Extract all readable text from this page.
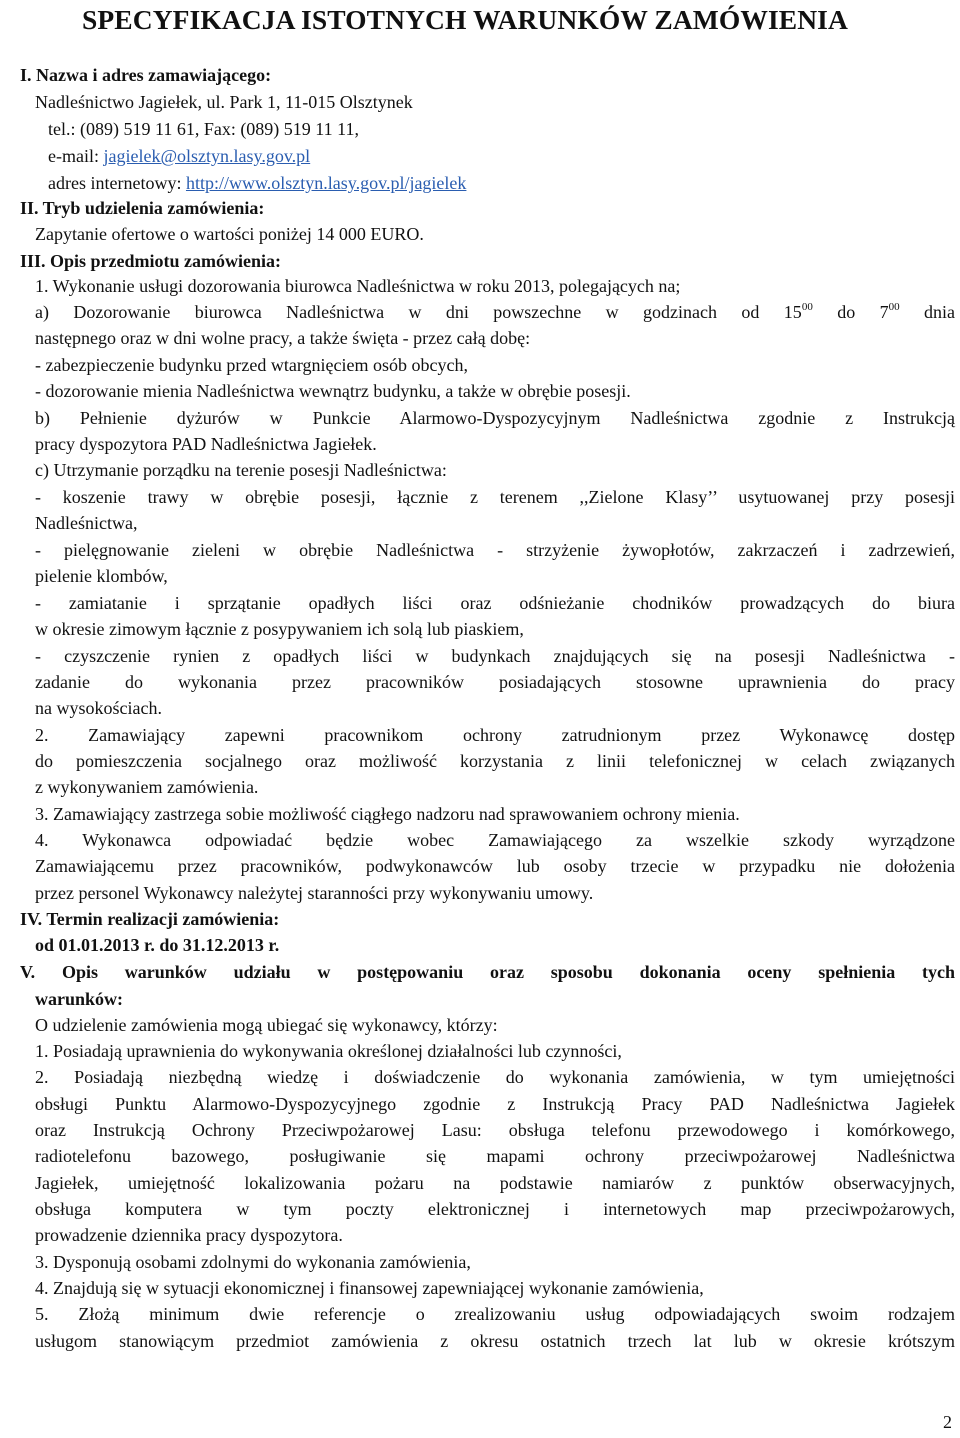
SPECYFIKACJA ISTOTNYCH WARUNKÓW ZAMÓWIENIA
I. Nazwa i adres zamawiającego:
Nadleśnictwo Jagiełek, ul. Park 1, 11-015 Olsztynek
tel.: (089) 519 11 61, Fax: (089) 519 11 11,
e-mail: jagielek@olsztyn.lasy.gov.pl
adres internetowy: http://www.olsztyn.lasy.gov.pl/jagielek
II. Tryb udzielenia zamówienia:
Zapytanie ofertowe o wartości poniżej 14 000 EURO.
III. Opis przedmiotu zamówienia:
1. Wykonanie usługi dozorowania biurowca Nadleśnictwa w roku 2013, polegających na;
a) Dozorowanie biurowca Nadleśnictwa w dni powszechne w godzinach od $15^{00}$ do $7^{00}$ dnia
następnego oraz w dni wolne pracy, a także święta - przez całą dobę:
- zabezpieczenie budynku przed wtargnięciem osób obcych,
- dozorowanie mienia Nadleśnictwa wewnątrz budynku, a także w obrębie posesji.
b) Pełnienie dyżurów w Punkcie Alarmowo-Dyspozycyjnym Nadleśnictwa zgodnie z Instrukcją
pracy dyspozytora PAD Nadleśnictwa Jagiełek.
c) Utrzymanie porządku na terenie posesji Nadleśnictwa:
- koszenie trawy w obrębie posesji, łącznie z terenem ,,Zielone Klasy’’ usytuowanej przy posesji
Nadleśnictwa,
- pielęgnowanie zieleni w obrębie Nadleśnictwa - strzyżenie żywopłotów, zakrzaczeń i zadrzewień,
pielenie klombów,
- zamiatanie i sprzątanie opadłych liści oraz odśnieżanie chodników prowadzących do biura
w okresie zimowym łącznie z posypywaniem ich solą lub piaskiem,
- czyszczenie rynien z opadłych liści w budynkach znajdujących się na posesji Nadleśnictwa -
zadanie do wykonania przez pracowników posiadających stosowne uprawnienia do pracy
na wysokościach.
2. Zamawiający zapewni pracownikom ochrony zatrudnionym przez Wykonawcę dostęp
do pomieszczenia socjalnego oraz możliwość korzystania z linii telefonicznej w celach związanych
z wykonywaniem zamówienia.
3. Zamawiający zastrzega sobie możliwość ciągłego nadzoru nad sprawowaniem ochrony mienia.
4. Wykonawca odpowiadać będzie wobec Zamawiającego za wszelkie szkody wyrządzone
Zamawiającemu przez pracowników, podwykonawców lub osoby trzecie w przypadku nie dołożenia
przez personel Wykonawcy należytej staranności przy wykonywaniu umowy.
IV. Termin realizacji zamówienia:
od 01.01.2013 r. do 31.12.2013 r.
V. Opis warunków udziału w postępowaniu oraz sposobu dokonania oceny spełnienia tych
warunków:
O udzielenie zamówienia mogą ubiegać się wykonawcy, którzy:
1. Posiadają uprawnienia do wykonywania określonej działalności lub czynności,
2. Posiadają niezbędną wiedzę i doświadczenie do wykonania zamówienia, w tym umiejętności
obsługi Punktu Alarmowo-Dyspozycyjnego zgodnie z Instrukcją Pracy PAD Nadleśnictwa Jagiełek
oraz Instrukcją Ochrony Przeciwpożarowej Lasu: obsługa telefonu przewodowego i komórkowego,
radiotelefonu bazowego, posługiwanie się mapami ochrony przeciwpożarowej Nadleśnictwa
Jagiełek, umiejętność lokalizowania pożaru na podstawie namiarów z punktów obserwacyjnych,
obsługa komputera w tym poczty elektronicznej i internetowych map przeciwpożarowych,
prowadzenie dziennika pracy dyspozytora.
3. Dysponują osobami zdolnymi do wykonania zamówienia,
4. Znajdują się w sytuacji ekonomicznej i finansowej zapewniającej wykonanie zamówienia,
5. Złożą minimum dwie referencje o zrealizowaniu usług odpowiadających swoim rodzajem
usługom stanowiącym przedmiot zamówienia z okresu ostatnich trzech lat lub w okresie krótszym
2
